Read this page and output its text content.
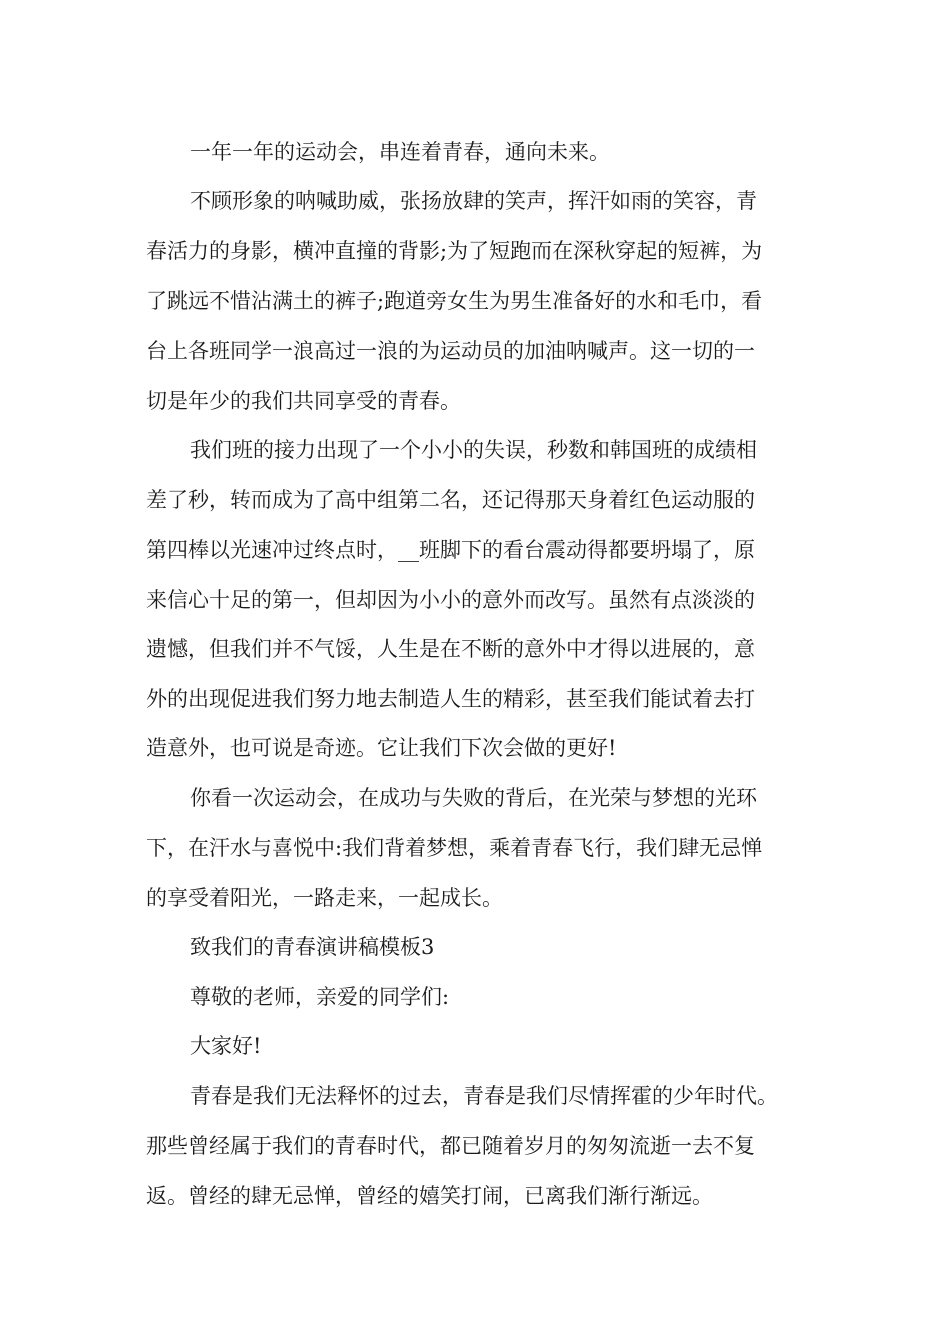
一年一年的运动会，串连着青春，通向未来。

不顾形象的呐喊助威，张扬放肆的笑声，挥汗如雨的笑容，青

春活力的身影，横冲直撞的背影;为了短跑而在深秋穿起的短裤，为

了跳远不惜沾满土的裤子;跑道旁女生为男生准备好的水和毛巾，看

台上各班同学一浪高过一浪的为运动员的加油呐喊声。这一切的一

切是年少的我们共同享受的青春。

我们班的接力出现了一个小小的失误，秒数和韩国班的成绩相

差了秒，转而成为了高中组第二名，还记得那天身着红色运动服的

第四棒以光速冲过终点时，__班脚下的看台震动得都要坍塌了，原

来信心十足的第一，但却因为小小的意外而改写。虽然有点淡淡的

遗憾，但我们并不气馁，人生是在不断的意外中才得以进展的，意

外的出现促进我们努力地去制造人生的精彩，甚至我们能试着去打

造意外，也可说是奇迹。它让我们下次会做的更好!

你看一次运动会，在成功与失败的背后，在光荣与梦想的光环

下，在汗水与喜悦中:我们背着梦想，乘着青春飞行，我们肆无忌惮

的享受着阳光，一路走来，一起成长。

致我们的青春演讲稿模板3

尊敬的老师，亲爱的同学们:

大家好!

青春是我们无法释怀的过去，青春是我们尽情挥霍的少年时代。

那些曾经属于我们的青春时代，都已随着岁月的匆匆流逝一去不复

返。曾经的肆无忌惮，曾经的嬉笑打闹，已离我们渐行渐远。
